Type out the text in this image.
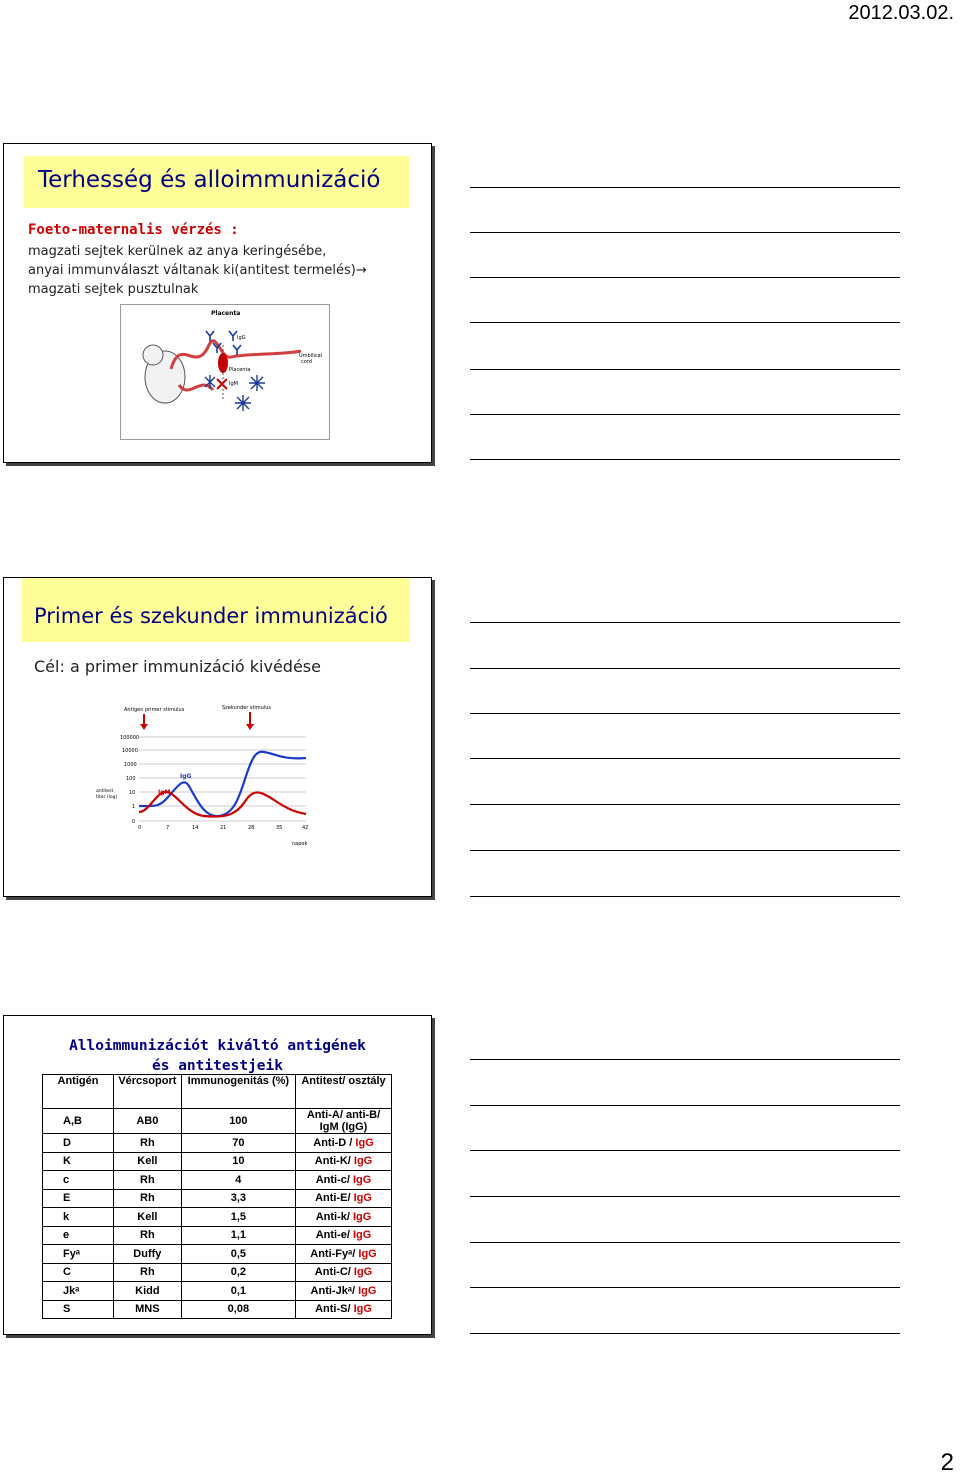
2012.03.02.
Terhesség és alloimmunizáció
Foeto-maternalis vérzés :
magzati sejtek kerülnek az anya keringésébe,
anyai immunválaszt váltanak ki(antitest termelés)→
magzati sejtek pusztulnak
Placenta
IgG
Placenta
IgM
Umbilical
cord
Primer és szekunder immunizáció
Cél: a primer immunizáció kivédése
Antigen primer stimulus	Szekunder stimulus
100000
10000
1000
100
10
1
0
antitest
titer (log)
0	7	14	21	28	35	42
napok
IgM
IgG
Alloimmunizációt kiváltó antigének
és antitestjeik
Antigén	Vércsoport	Immunogenitás (%)	Antitest/ osztály
A,B	AB0	100	Anti-A/ anti-B/
IgM (IgG)
D	Rh	70	Anti-D / IgG
K	Kell	10	Anti-K/ IgG
c	Rh	4	Anti-c/ IgG
E	Rh	3,3	Anti-E/ IgG
k	Kell	1,5	Anti-k/ IgG
e	Rh	1,1	Anti-e/ IgG
Fyᵃ	Duffy	0,5	Anti-Fyᵃ/ IgG
C	Rh	0,2	Anti-C/ IgG
Jkᵃ	Kidd	0,1	Anti-Jkᵃ/ IgG
S	MNS	0,08	Anti-S/ IgG
2
